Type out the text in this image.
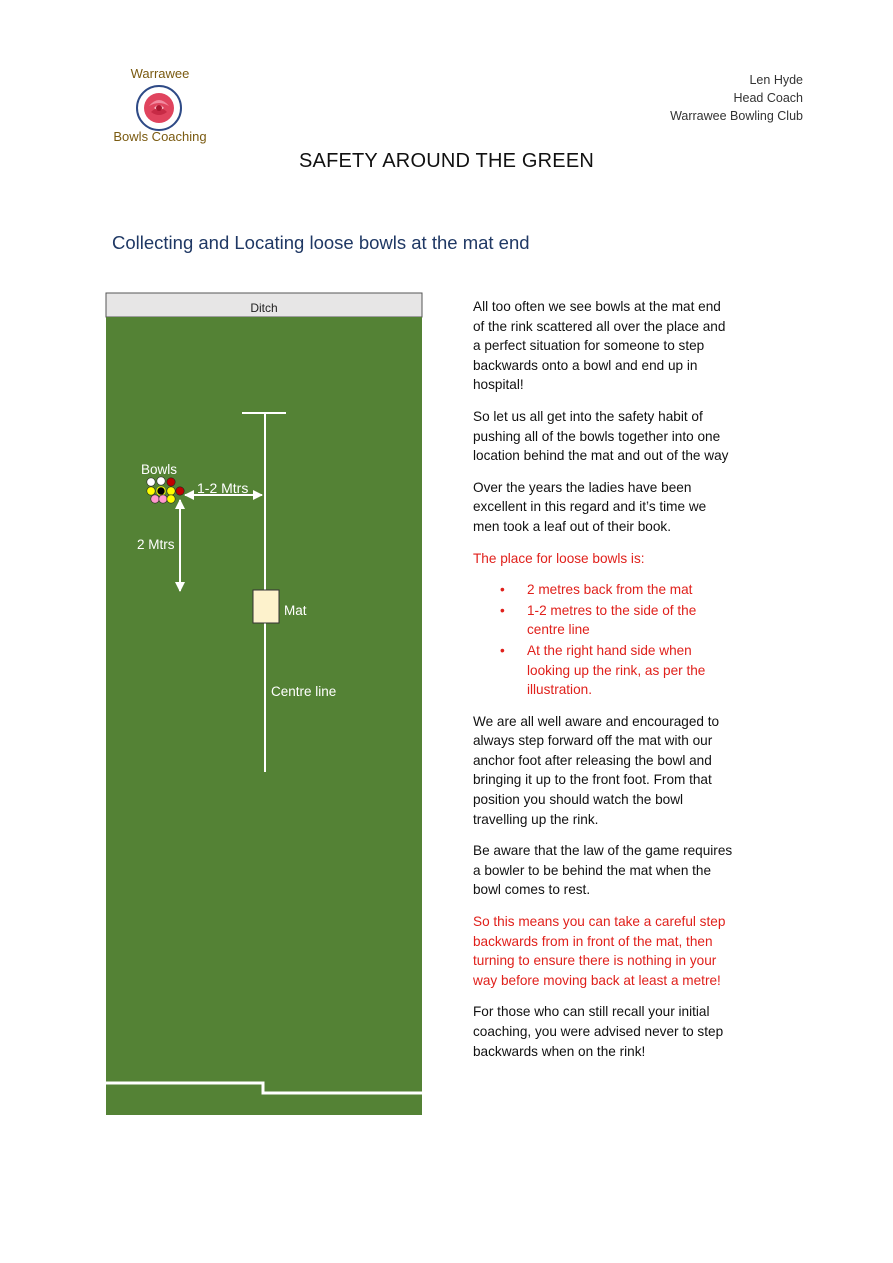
Warrawee
Bowls Coaching
Len Hyde
Head Coach
Warrawee Bowling Club
SAFETY AROUND THE GREEN
Collecting and Locating loose bowls at the mat end
Ditch
Mat
Centre line
Bowls
1-2 Mtrs
2 Mtrs

All too often we see bowls at the mat end of the rink scattered all over the place and a perfect situation for someone to step backwards onto a bowl and end up in hospital!

So let us all get into the safety habit of pushing all of the bowls together into one location behind the mat and out of the way

Over the years the ladies have been excellent in this regard and it’s time we men took a leaf out of their book.

The place for loose bowls is:

• 2 metres back from the mat
• 1-2 metres to the side of the centre line
• At the right hand side when looking up the rink, as per the illustration.

We are all well aware and encouraged to always step forward off the mat with our anchor foot after releasing the bowl and bringing it up to the front foot. From that position you should watch the bowl travelling up the rink.

Be aware that the law of the game requires a bowler to be behind the mat when the bowl comes to rest.

So this means you can take a careful step backwards from in front of the mat, then turning to ensure there is nothing in your way before moving back at least a metre!

For those who can still recall your initial coaching, you were advised never to step backwards when on the rink!
